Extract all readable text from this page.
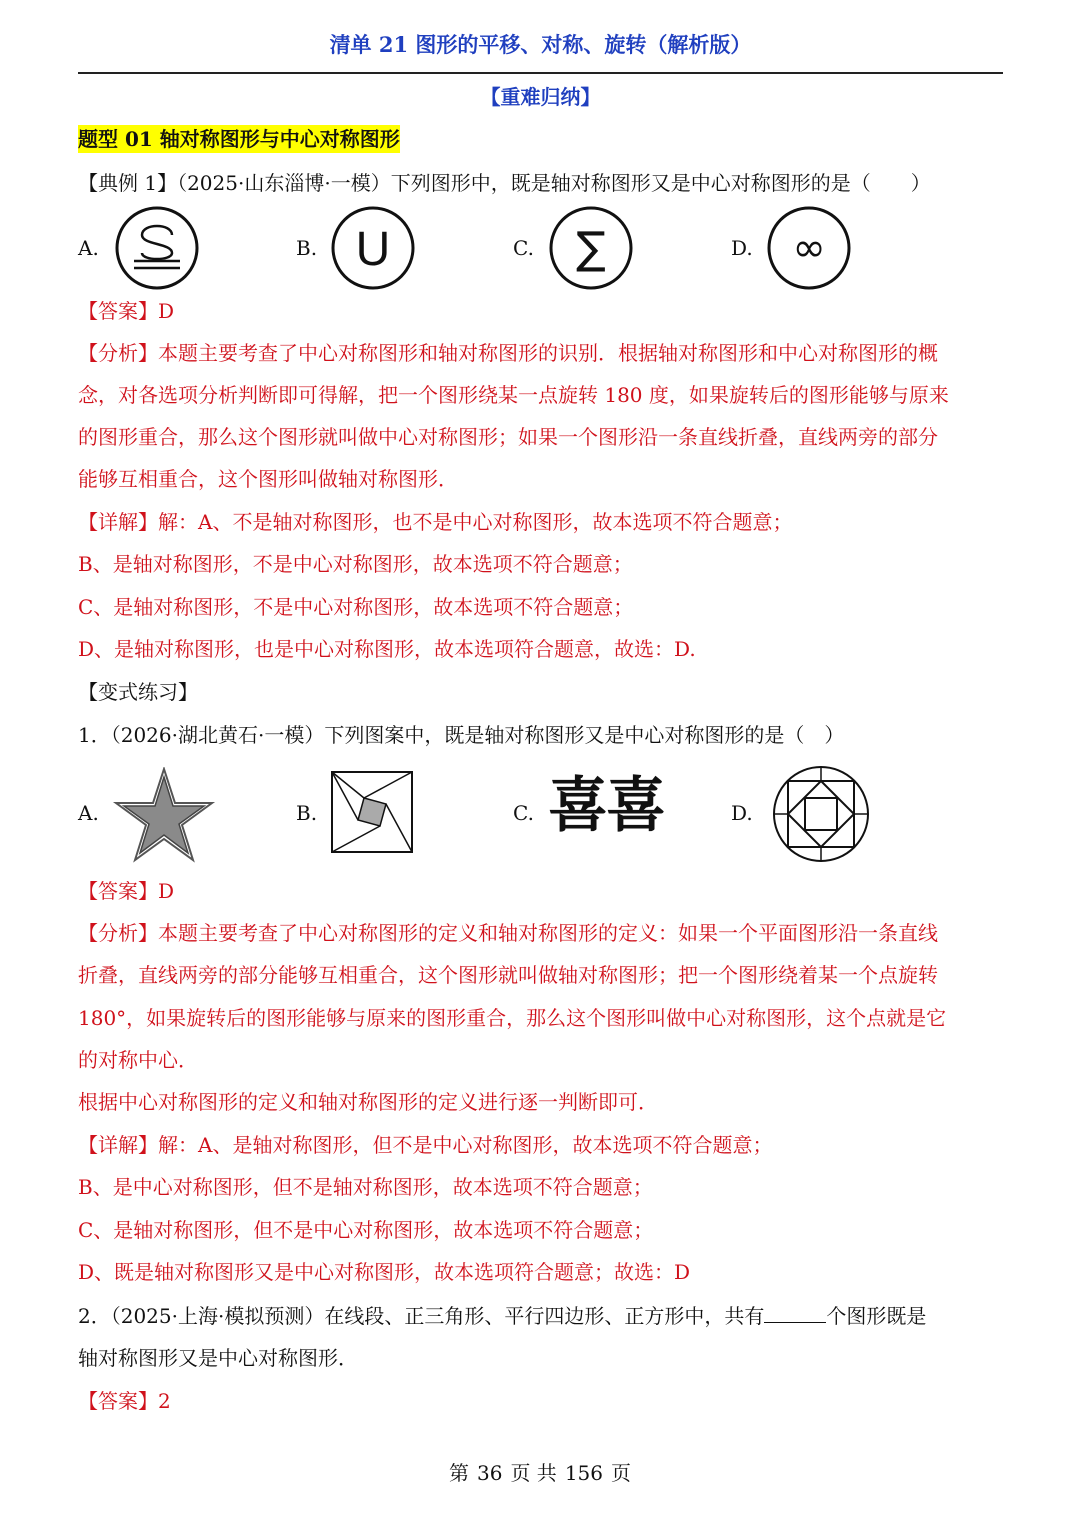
清单 21 图形的平移、对称、旋转（解析版）
【重难归纳】
题型 01 轴对称图形与中心对称图形
【典例 1】（2025·山东淄博·一模）下列图形中，既是轴对称图形又是中心对称图形的是（　　）
A.	B. U	C. ∑	D. ∞
【答案】D
【分析】本题主要考查了中心对称图形和轴对称图形的识别．根据轴对称图形和中心对称图形的概
念，对各选项分析判断即可得解，把一个图形绕某一点旋转 180 度，如果旋转后的图形能够与原来
的图形重合，那么这个图形就叫做中心对称图形；如果一个图形沿一条直线折叠，直线两旁的部分
能够互相重合，这个图形叫做轴对称图形．
【详解】解：A、不是轴对称图形，也不是中心对称图形，故本选项不符合题意；
B、是轴对称图形，不是中心对称图形，故本选项不符合题意；
C、是轴对称图形，不是中心对称图形，故本选项不符合题意；
D、是轴对称图形，也是中心对称图形，故本选项符合题意，故选：D.
【变式练习】
1．（2026·湖北黄石·一模）下列图案中，既是轴对称图形又是中心对称图形的是（　）
A.	B.	C. 喜喜	D.
【答案】D
【分析】本题主要考查了中心对称图形的定义和轴对称图形的定义：如果一个平面图形沿一条直线
折叠，直线两旁的部分能够互相重合，这个图形就叫做轴对称图形；把一个图形绕着某一个点旋转
180°，如果旋转后的图形能够与原来的图形重合，那么这个图形叫做中心对称图形，这个点就是它
的对称中心．
根据中心对称图形的定义和轴对称图形的定义进行逐一判断即可．
【详解】解：A、是轴对称图形，但不是中心对称图形，故本选项不符合题意；
B、是中心对称图形，但不是轴对称图形，故本选项不符合题意；
C、是轴对称图形，但不是中心对称图形，故本选项不符合题意；
D、既是轴对称图形又是中心对称图形，故本选项符合题意；故选：D
2．（2025·上海·模拟预测）在线段、正三角形、平行四边形、正方形中，共有	个图形既是
轴对称图形又是中心对称图形．
【答案】2
第 36 页 共 156 页
